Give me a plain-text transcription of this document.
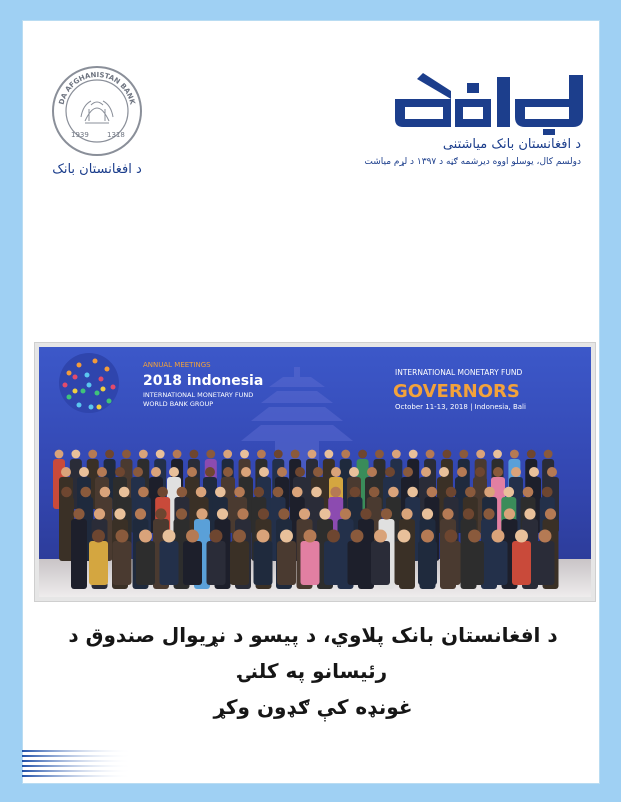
DA AFGHANISTAN BANK
1939	1318
د افغانستان بانک
د افغانستان بانک میاشتنی
دولسم کال، یوسلو اووه دیرشمه ګڼه د ۱۳۹۷ د لړم میاشت
ANNUAL MEETINGS
2018 indonesia
INTERNATIONAL MONETARY FUND
WORLD BANK GROUP
INTERNATIONAL MONETARY FUND
GOVERNORS
October 11-13, 2018 | Indonesia, Bali
د افغانستان بانک پلاوي، د پیسو د نړیوال صندوق د رئیسانو په کلنۍ
غونډه کې ګډون وکړ
